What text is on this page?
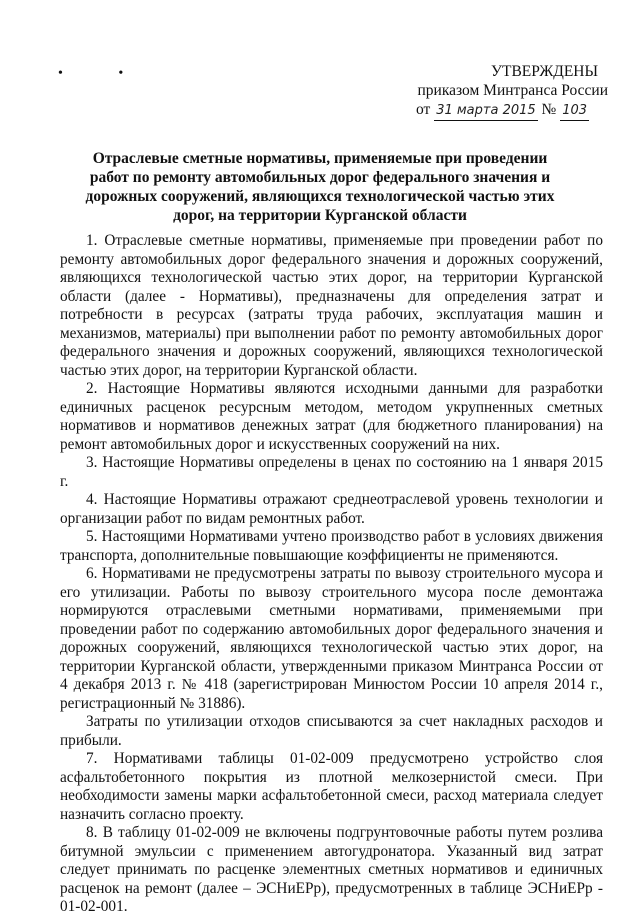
• •	УТВЕРЖДЕНЫ
приказом Минтранса России
от 31 марта 2015 № 103
Отраслевые сметные нормативы, применяемые при проведении работ по ремонту автомобильных дорог федерального значения и дорожных сооружений, являющихся технологической частью этих дорог, на территории Курганской области

1. Отраслевые сметные нормативы, применяемые при проведении работ по ремонту автомобильных дорог федерального значения и дорожных сооружений, являющихся технологической частью этих дорог, на территории Курганской области (далее - Нормативы), предназначены для определения затрат и потребности в ресурсах (затраты труда рабочих, эксплуатация машин и механизмов, материалы) при выполнении работ по ремонту автомобильных дорог федерального значения и дорожных сооружений, являющихся технологической частью этих дорог, на территории Курганской области.

2. Настоящие Нормативы являются исходными данными для разработки единичных расценок ресурсным методом, методом укрупненных сметных нормативов и нормативов денежных затрат (для бюджетного планирования) на ремонт автомобильных дорог и искусственных сооружений на них.

3. Настоящие Нормативы определены в ценах по состоянию на 1 января 2015 г.

4. Настоящие Нормативы отражают среднеотраслевой уровень технологии и организации работ по видам ремонтных работ.

5. Настоящими Нормативами учтено производство работ в условиях движения транспорта, дополнительные повышающие коэффициенты не применяются.

6. Нормативами не предусмотрены затраты по вывозу строительного мусора и его утилизации. Работы по вывозу строительного мусора после демонтажа нормируются отраслевыми сметными нормативами, применяемыми при проведении работ по содержанию автомобильных дорог федерального значения и дорожных сооружений, являющихся технологической частью этих дорог, на территории Курганской области, утвержденными приказом Минтранса России от 4 декабря 2013 г. № 418 (зарегистрирован Минюстом России 10 апреля 2014 г., регистрационный № 31886).

Затраты по утилизации отходов списываются за счет накладных расходов и прибыли.

7. Нормативами таблицы 01-02-009 предусмотрено устройство слоя асфальтобетонного покрытия из плотной мелкозернистой смеси. При необходимости замены марки асфальтобетонной смеси, расход материала следует назначить согласно проекту.

8. В таблицу 01-02-009 не включены подгрунтовочные работы путем розлива битумной эмульсии с применением автогудронатора. Указанный вид затрат следует принимать по расценке элементных сметных нормативов и единичных расценок на ремонт (далее – ЭСНиЕРр), предусмотренных в таблице ЭСНиЕРр - 01-02-001.
